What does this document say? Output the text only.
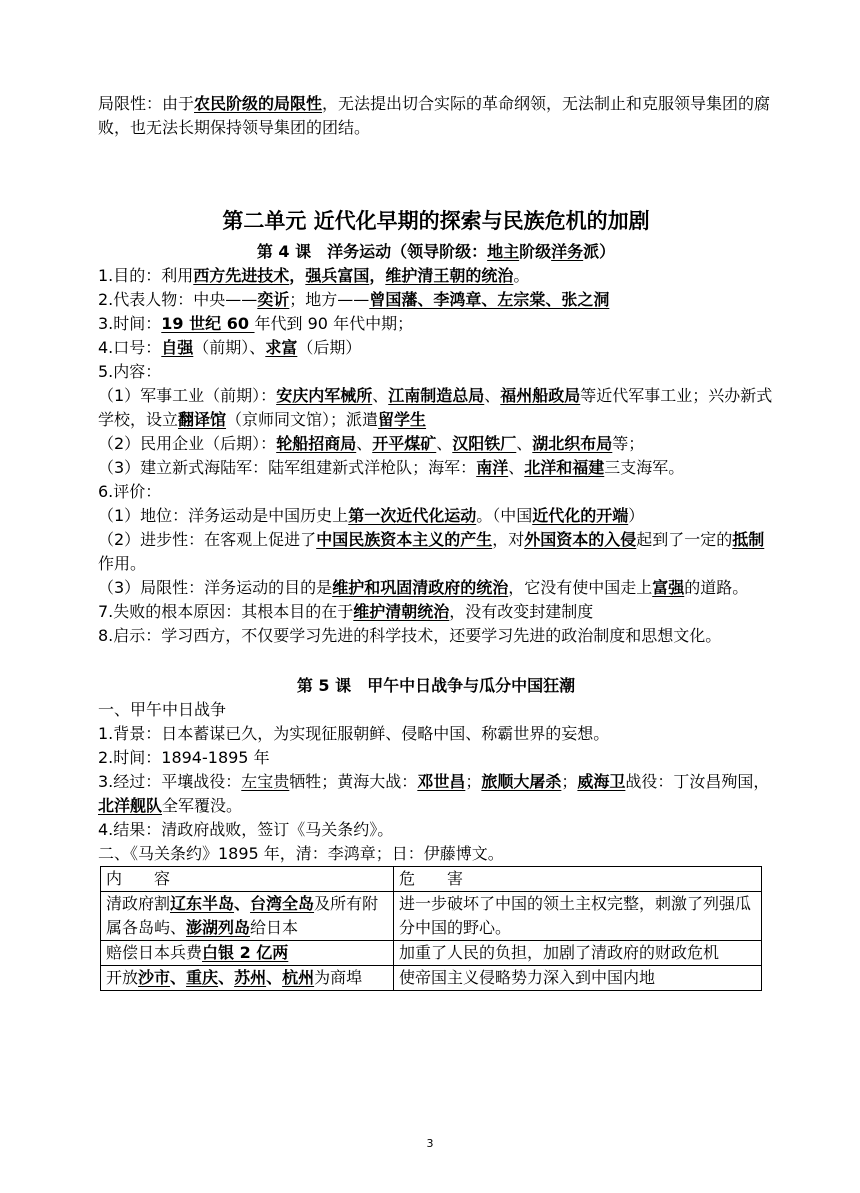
局限性：由于农民阶级的局限性，无法提出切合实际的革命纲领，无法制止和克服领导集团的腐败，也无法长期保持领导集团的团结。
第二单元 近代化早期的探索与民族危机的加剧
第 4 课　洋务运动（领导阶级：地主阶级洋务派）
1.目的：利用西方先进技术，强兵富国，维护清王朝的统治。
2.代表人物：中央——奕䜣；地方——曾国藩、李鸿章、左宗棠、张之洞
3.时间：19 世纪 60 年代到 90 年代中期；
4.口号：自强（前期）、求富（后期）
5.内容：
（1）军事工业（前期）：安庆内军械所、江南制造总局、福州船政局等近代军事工业；兴办新式学校，设立翻译馆（京师同文馆）；派遣留学生
（2）民用企业（后期）：轮船招商局、开平煤矿、汉阳铁厂、湖北织布局等；
（3）建立新式海陆军：陆军组建新式洋枪队；海军：南洋、北洋和福建三支海军。
6.评价：
（1）地位：洋务运动是中国历史上第一次近代化运动。（中国近代化的开端）
（2）进步性：在客观上促进了中国民族资本主义的产生，对外国资本的入侵起到了一定的抵制作用。
（3）局限性：洋务运动的目的是维护和巩固清政府的统治，它没有使中国走上富强的道路。
7.失败的根本原因：其根本目的在于维护清朝统治，没有改变封建制度
8.启示：学习西方，不仅要学习先进的科学技术，还要学习先进的政治制度和思想文化。
第 5 课　甲午中日战争与瓜分中国狂潮
一、甲午中日战争
1.背景：日本蓄谋已久，为实现征服朝鲜、侵略中国、称霸世界的妄想。
2.时间：1894-1895 年
3.经过：平壤战役：左宝贵牺牲；黄海大战：邓世昌；旅顺大屠杀；威海卫战役：丁汝昌殉国，北洋舰队全军覆没。
4.结果：清政府战败，签订《马关条约》。
二、《马关条约》1895 年，清：李鸿章；日：伊藤博文。
内　　容	危　　害
清政府割辽东半岛、台湾全岛及所有附属各岛屿、澎湖列岛给日本	进一步破坏了中国的领土主权完整，刺激了列强瓜分中国的野心。
赔偿日本兵费白银 2 亿两	加重了人民的负担，加剧了清政府的财政危机
开放沙市、重庆、苏州、杭州为商埠	使帝国主义侵略势力深入到中国内地
3
